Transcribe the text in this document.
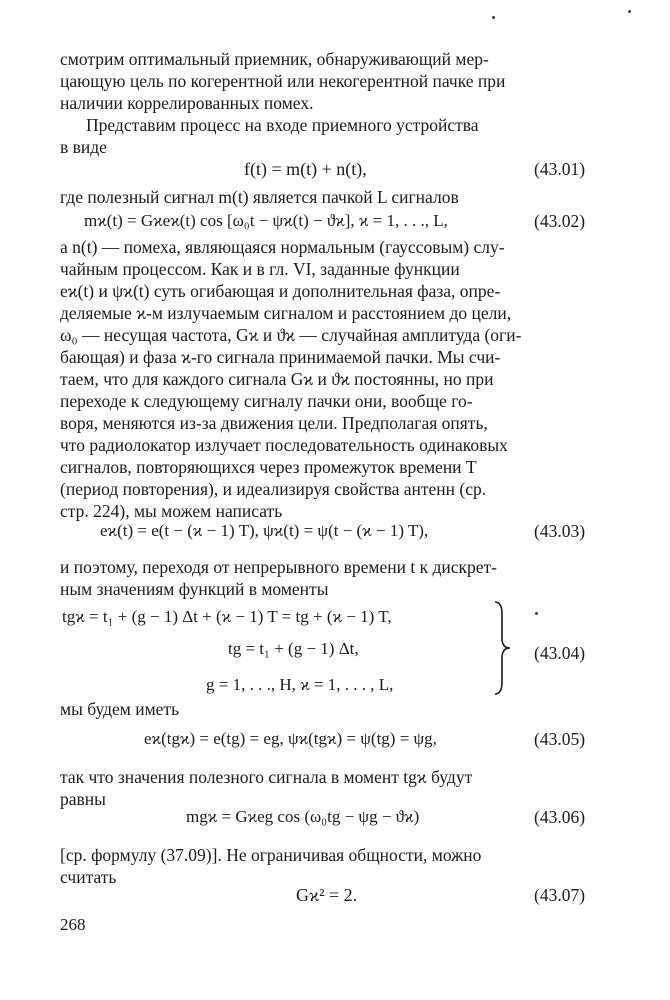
смотрим оптимальный приемник, обнаруживающий мер-
цающую цель по когерентной или некогерентной пачке при
наличии коррелированных помех.
Представим процесс на входе приемного устройства
в виде
f(t) = m(t) + n(t),	(43.01)
где полезный сигнал m(t) является пачкой L сигналов
mϰ(t) = Gϰeϰ(t) cos [ω₀t − ψϰ(t) − ϑϰ], ϰ = 1, . . ., L,	(43.02)
а n(t) — помеха, являющаяся нормальным (гауссовым) слу-
чайным процессом. Как и в гл. VI, заданные функции
eϰ(t) и ψϰ(t) суть огибающая и дополнительная фаза, опре-
деляемые ϰ-м излучаемым сигналом и расстоянием до цели,
ω₀ — несущая частота, Gϰ и ϑϰ — случайная амплитуда (оги-
бающая) и фаза ϰ-го сигнала принимаемой пачки. Мы счи-
таем, что для каждого сигнала Gϰ и ϑϰ постоянны, но при
переходе к следующему сигналу пачки они, вообще го-
воря, меняются из-за движения цели. Предполагая опять,
что радиолокатор излучает последовательность одинаковых
сигналов, повторяющихся через промежуток времени T
(период повторения), и идеализируя свойства антенн (ср.
стр. 224), мы можем написать
eϰ(t) = e(t − (ϰ − 1) T), ψϰ(t) = ψ(t − (ϰ − 1) T),	(43.03)
и поэтому, переходя от непрерывного времени t к дискрет-
ным значениям функций в моменты
tgϰ = t₁ + (g − 1) Δt + (ϰ − 1) T = tg + (ϰ − 1) T,
tg = t₁ + (g − 1) Δt,
g = 1, . . ., H, ϰ = 1, . . . , L,
(43.04)
мы будем иметь
eϰ(tgϰ) = e(tg) = eg, ψϰ(tgϰ) = ψ(tg) = ψg,	(43.05)
так что значения полезного сигнала в момент tgϰ будут
равны
mgϰ = Gϰeg cos (ω₀tg − ψg − ϑϰ)	(43.06)
[ср. формулу (37.09)]. Не ограничивая общности, можно
считать
Gϰ² = 2.	(43.07)
268
